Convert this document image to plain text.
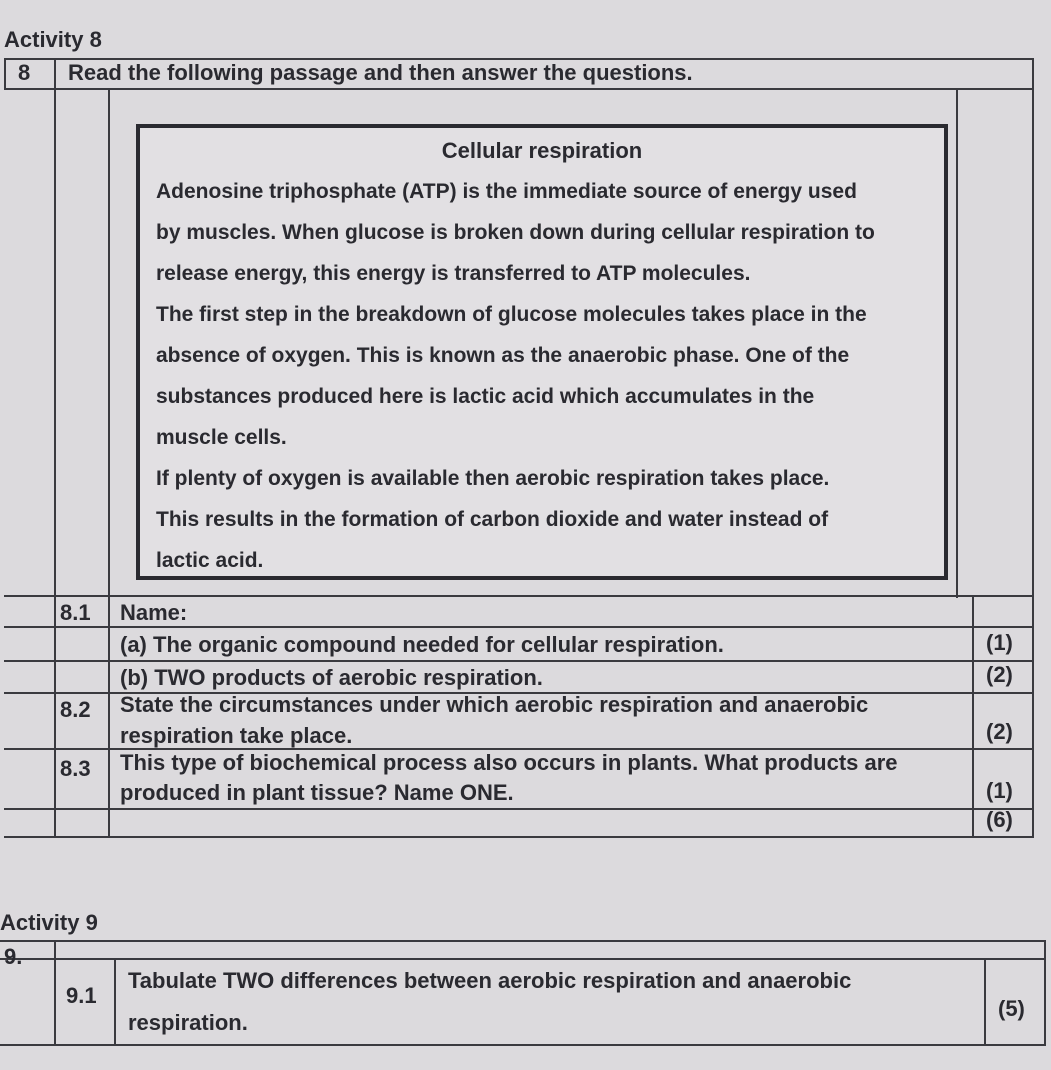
Activity 8
8 Read the following passage and then answer the questions.
Cellular respiration
Adenosine triphosphate (ATP) is the immediate source of energy used
by muscles. When glucose is broken down during cellular respiration to
release energy, this energy is transferred to ATP molecules.
The first step in the breakdown of glucose molecules takes place in the
absence of oxygen. This is known as the anaerobic phase. One of the
substances produced here is lactic acid which accumulates in the
muscle cells.
If plenty of oxygen is available then aerobic respiration takes place.
This results in the formation of carbon dioxide and water instead of
lactic acid.
8.1 Name:
(a) The organic compound needed for cellular respiration.	(1)
(b) TWO products of aerobic respiration.	(2)
8.2 State the circumstances under which aerobic respiration and anaerobic
respiration take place.	(2)
8.3 This type of biochemical process also occurs in plants. What products are
produced in plant tissue? Name ONE.	(1)
(6)
Activity 9
9.
9.1
Tabulate TWO differences between aerobic respiration and anaerobic
respiration.
(5)
